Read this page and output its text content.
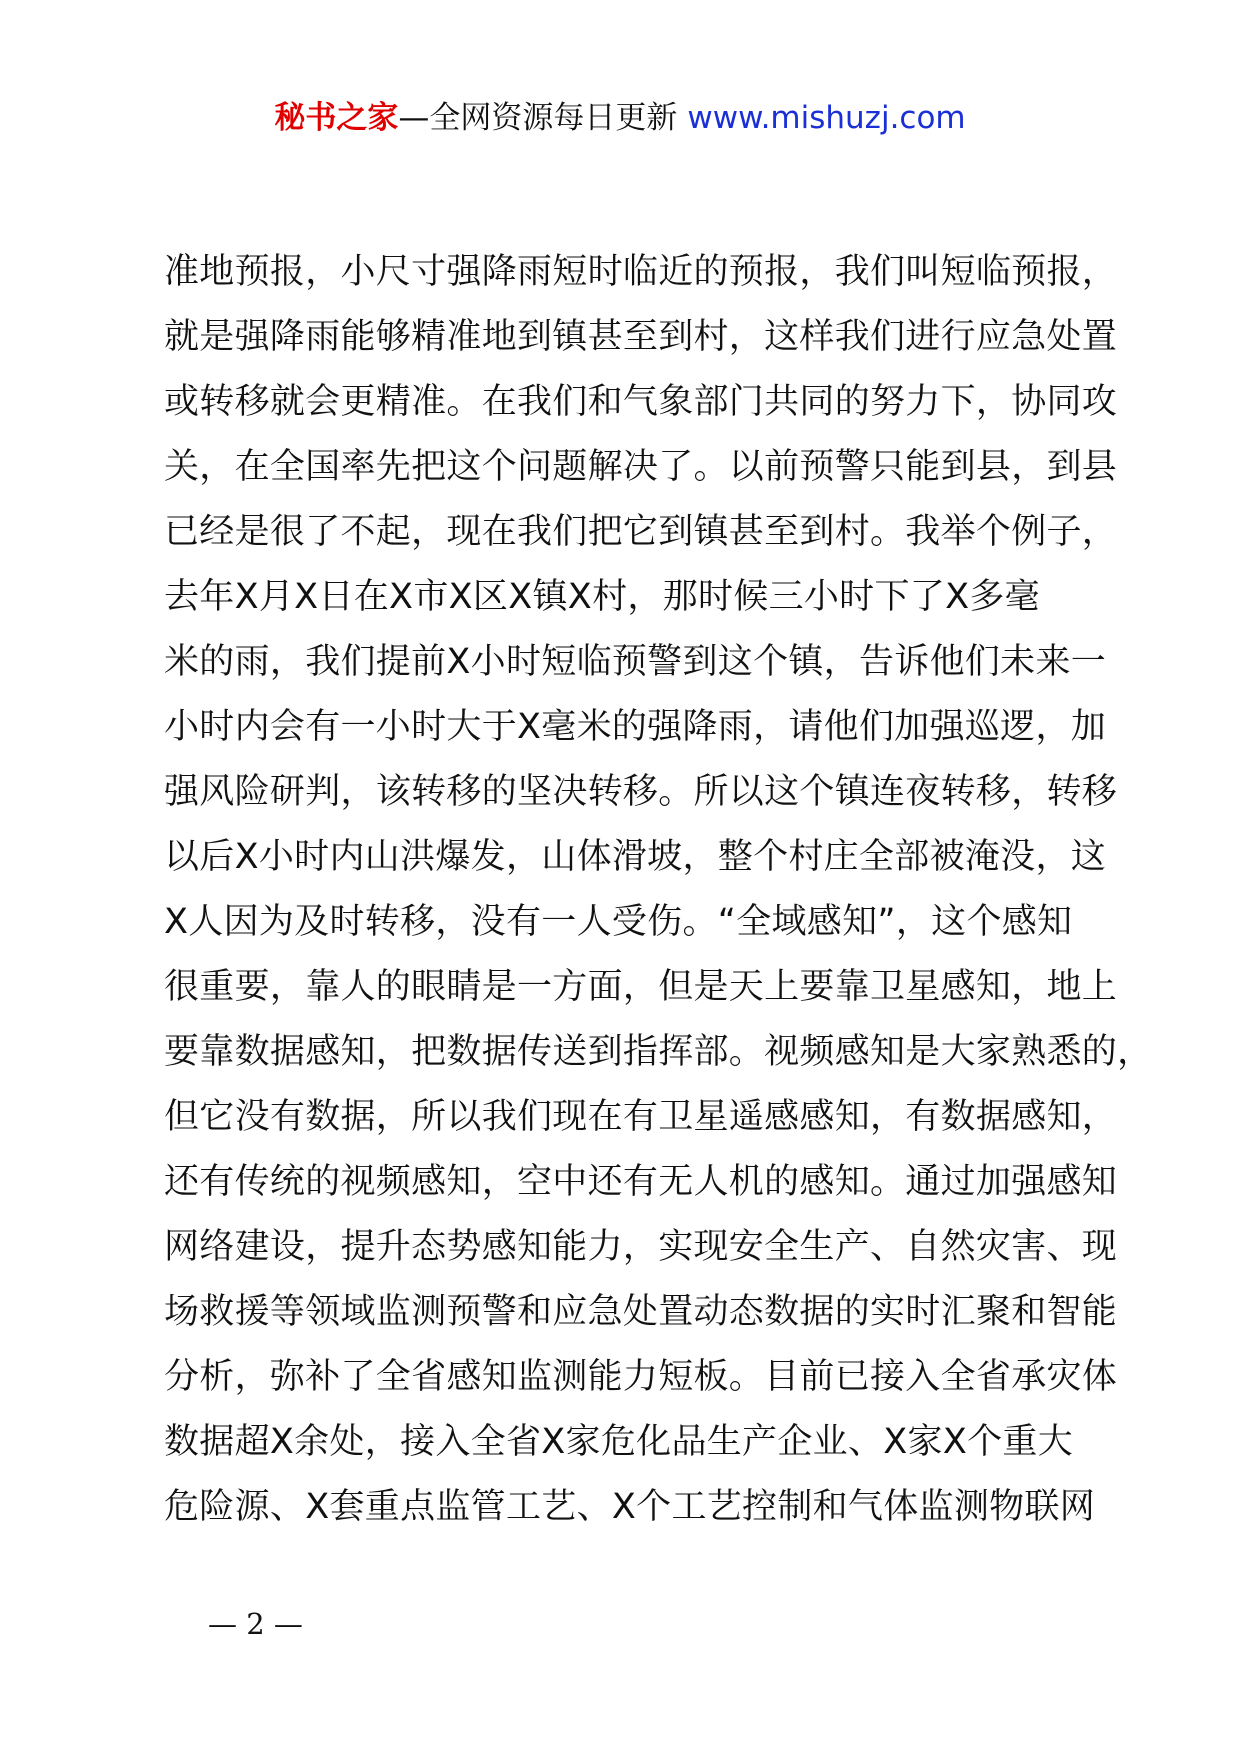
秘书之家—全网资源每日更新 www.mishuzj.com
准地预报，小尺寸强降雨短时临近的预报，我们叫短临预报，
就是强降雨能够精准地到镇甚至到村，这样我们进行应急处置
或转移就会更精准。在我们和气象部门共同的努力下，协同攻
关，在全国率先把这个问题解决了。以前预警只能到县，到县
已经是很了不起，现在我们把它到镇甚至到村。我举个例子，
去年X月X日在X市X区X镇X村，那时候三小时下了X多毫
米的雨，我们提前X小时短临预警到这个镇，告诉他们未来一
小时内会有一小时大于X毫米的强降雨，请他们加强巡逻，加
强风险研判，该转移的坚决转移。所以这个镇连夜转移，转移
以后X小时内山洪爆发，山体滑坡，整个村庄全部被淹没，这
X人因为及时转移，没有一人受伤。“全域感知”，这个感知
很重要，靠人的眼睛是一方面，但是天上要靠卫星感知，地上
要靠数据感知，把数据传送到指挥部。视频感知是大家熟悉的，
但它没有数据，所以我们现在有卫星遥感感知，有数据感知，
还有传统的视频感知，空中还有无人机的感知。通过加强感知
网络建设，提升态势感知能力，实现安全生产、自然灾害、现
场救援等领域监测预警和应急处置动态数据的实时汇聚和智能
分析，弥补了全省感知监测能力短板。目前已接入全省承灾体
数据超X余处，接入全省X家危化品生产企业、X家X个重大
危险源、X套重点监管工艺、X个工艺控制和气体监测物联网
— 2 —
